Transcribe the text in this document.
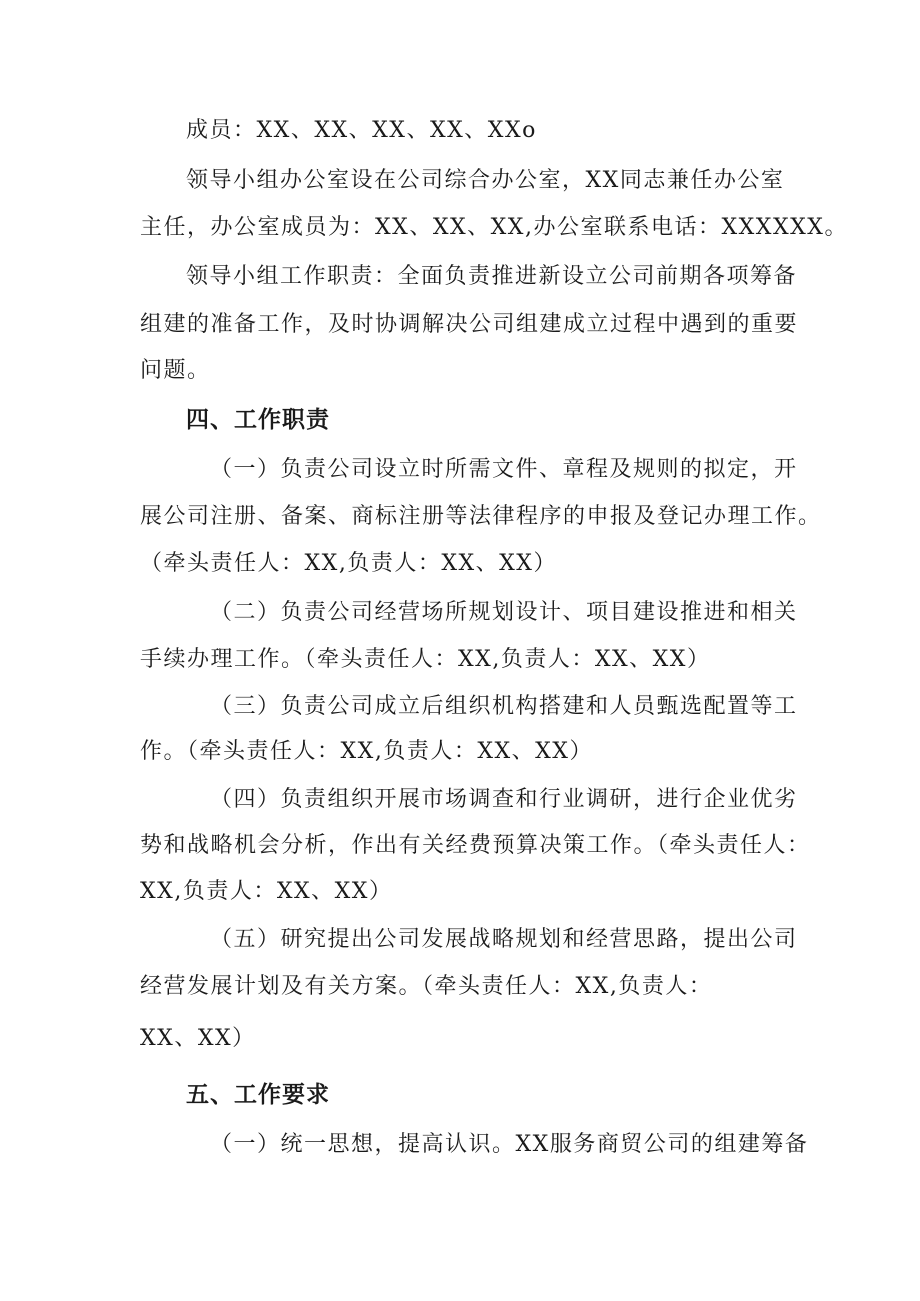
成员：XX、XX、XX、XX、XXo
领导小组办公室设在公司综合办公室，XX同志兼任办公室
主任，办公室成员为：XX、XX、XX,办公室联系电话：XXXXXX。
领导小组工作职责：全面负责推进新设立公司前期各项筹备
组建的准备工作，及时协调解决公司组建成立过程中遇到的重要
问题。
四、工作职责
（一）负责公司设立时所需文件、章程及规则的拟定，开
展公司注册、备案、商标注册等法律程序的申报及登记办理工作。
（牵头责任人：XX,负责人：XX、XX）
（二）负责公司经营场所规划设计、项目建设推进和相关
手续办理工作。（牵头责任人：XX,负责人：XX、XX）
（三）负责公司成立后组织机构搭建和人员甄选配置等工
作。（牵头责任人：XX,负责人：XX、XX）
（四）负责组织开展市场调查和行业调研，进行企业优劣
势和战略机会分析，作出有关经费预算决策工作。（牵头责任人：
XX,负责人：XX、XX）
（五）研究提出公司发展战略规划和经营思路，提出公司
经营发展计划及有关方案。（牵头责任人：XX,负责人：
XX、XX）
五、工作要求
（一）统一思想，提高认识。XX服务商贸公司的组建筹备
